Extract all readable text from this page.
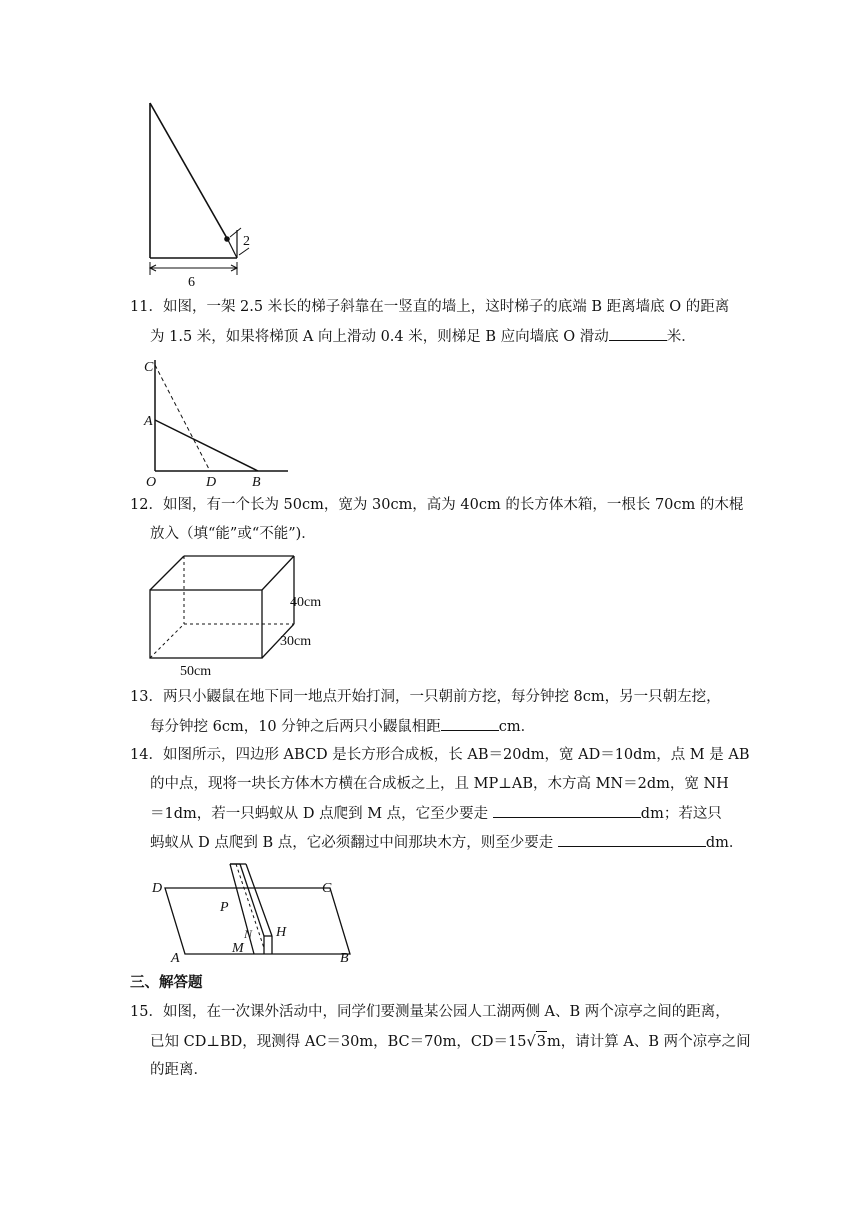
6
2
11．如图，一架 2.5 米长的梯子斜靠在一竖直的墙上，这时梯子的底端 B 距离墙底 O 的距离
为 1.5 米，如果将梯顶 A 向上滑动 0.4 米，则梯足 B 应向墙底 O 滑动	米．
C
A
O	D	B
12．如图，有一个长为 50cm，宽为 30cm，高为 40cm 的长方体木箱，一根长 70cm 的木棍
放入（填“能”或“不能”)．
40cm
30cm
50cm
13．两只小鼹鼠在地下同一地点开始打洞，一只朝前方挖，每分钟挖 8cm，另一只朝左挖，
每分钟挖 6cm，10 分钟之后两只小鼹鼠相距	cm．
14．如图所示，四边形 ABCD 是长方形合成板，长 AB＝20dm，宽 AD＝10dm，点 M 是 AB
的中点，现将一块长方体木方横在合成板之上，且 MP⊥AB，木方高 MN＝2dm，宽 NH
＝1dm，若一只蚂蚁从 D 点爬到 M 点，它至少要走	dm；若这只
蚂蚁从 D 点爬到 B 点，它必须翻过中间那块木方，则至少要走	dm．
D	C
P
N H
M
A	B
三、解答题
15．如图，在一次课外活动中，同学们要测量某公园人工湖两侧 A、B 两个凉亭之间的距离，
已知 CD⊥BD，现测得 AC＝30m，BC＝70m，CD＝15√3m，请计算 A、B 两个凉亭之间
的距离．
